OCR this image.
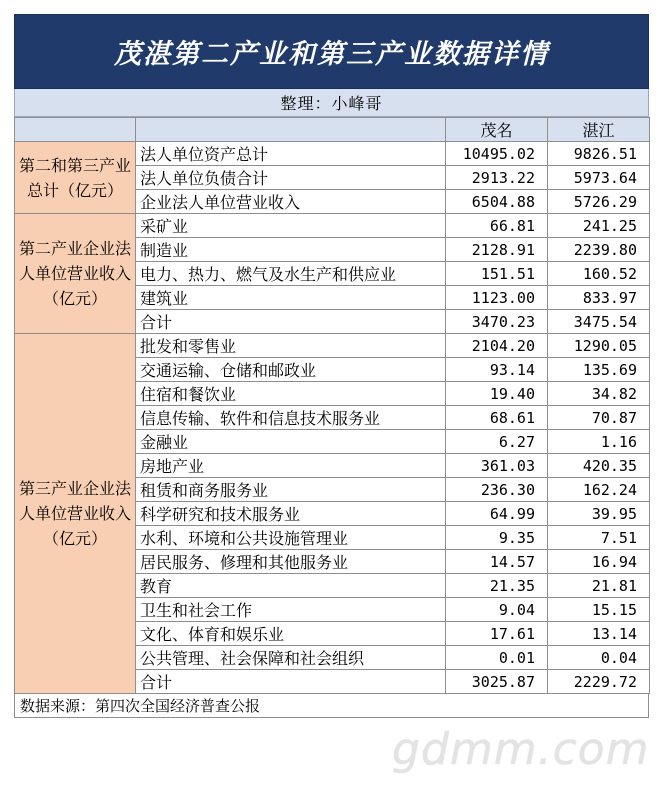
茂湛第二产业和第三产业数据详情
整理：小峰哥
		茂名	湛江
第二和第三产业总计（亿元）	法人单位资产总计	10495.02	9826.51
	法人单位负债合计	2913.22	5973.64
	企业法人单位营业收入	6504.88	5726.29
第二产业企业法人单位营业收入（亿元）	采矿业	66.81	241.25
	制造业	2128.91	2239.80
	电力、热力、燃气及水生产和供应业	151.51	160.52
	建筑业	1123.00	833.97
	合计	3470.23	3475.54
第三产业企业法人单位营业收入（亿元）	批发和零售业	2104.20	1290.05
	交通运输、仓储和邮政业	93.14	135.69
	住宿和餐饮业	19.40	34.82
	信息传输、软件和信息技术服务业	68.61	70.87
	金融业	6.27	1.16
	房地产业	361.03	420.35
	租赁和商务服务业	236.30	162.24
	科学研究和技术服务业	64.99	39.95
	水利、环境和公共设施管理业	9.35	7.51
	居民服务、修理和其他服务业	14.57	16.94
	教育	21.35	21.81
	卫生和社会工作	9.04	15.15
	文化、体育和娱乐业	17.61	13.14
	公共管理、社会保障和社会组织	0.01	0.04
	合计	3025.87	2229.72
数据来源：第四次全国经济普查公报
gdmm.com
